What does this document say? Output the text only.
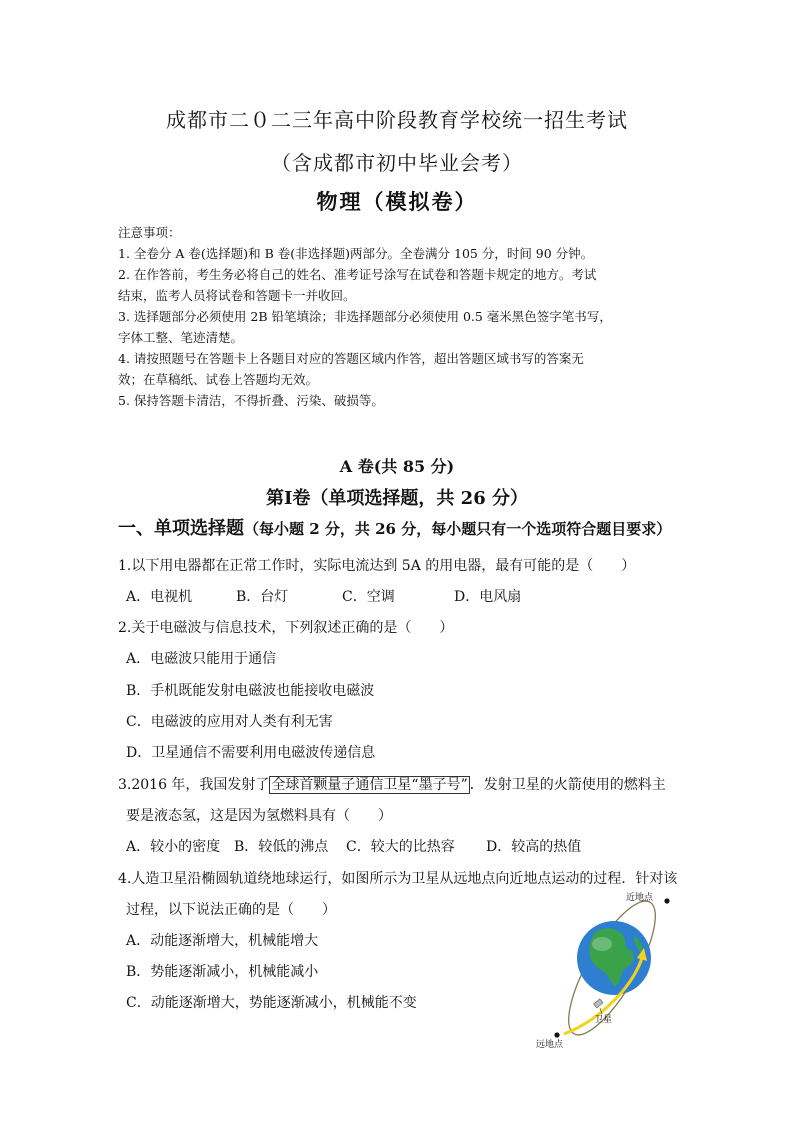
成都市二０二三年高中阶段教育学校统一招生考试
（含成都市初中毕业会考）
物理（模拟卷）
注意事项：
1. 全卷分 A 卷(选择题)和 B 卷(非选择题)两部分。全卷满分 105 分，时间 90 分钟。
2. 在作答前，考生务必将自己的姓名、准考证号涂写在试卷和答题卡规定的地方。考试
结束，监考人员将试卷和答题卡一并收回。
3. 选择题部分必须使用 2B 铅笔填涂；非选择题部分必须使用 0.5 毫米黑色签字笔书写，
字体工整、笔迹清楚。
4. 请按照题号在答题卡上各题目对应的答题区域内作答，超出答题区域书写的答案无
效；在草稿纸、试卷上答题均无效。
5. 保持答题卡清洁，不得折叠、污染、破损等。
A 卷(共 85 分)
第Ⅰ卷（单项选择题，共 26 分）
一、单项选择题（每小题 2 分，共 26 分，每小题只有一个选项符合题目要求）
1.以下用电器都在正常工作时，实际电流达到 5A 的用电器，最有可能的是（　　）
A．电视机	B．台灯	C．空调	D．电风扇
2.关于电磁波与信息技术，下列叙述正确的是（　　）
A．电磁波只能用于通信
B．手机既能发射电磁波也能接收电磁波
C．电磁波的应用对人类有利无害
D．卫星通信不需要利用电磁波传递信息
3.2016 年，我国发射了 全球首颗量子通信卫星“墨子号” ．发射卫星的火箭使用的燃料主
要是液态氢，这是因为氢燃料具有（　　）
A．较小的密度 B．较低的沸点 C．较大的比热容 D．较高的热值
4.人造卫星沿椭圆轨道绕地球运行，如图所示为卫星从远地点向近地点运动的过程．针对该
过程，以下说法正确的是（　　）
A．动能逐渐增大，机械能增大
B．势能逐渐减小，机械能减小
C．动能逐渐增大，势能逐渐减小，机械能不变
近地点
远地点
卫星
